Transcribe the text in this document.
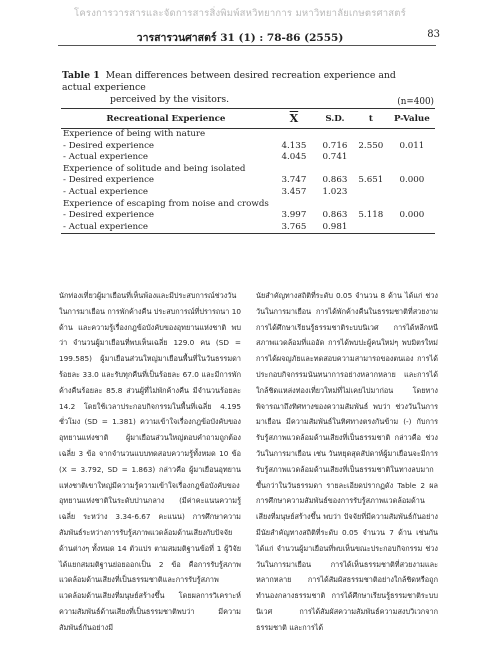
โครงการวารสารและจัดการสารสิ่งพิมพ์สหวิทยาการ มหาวิทยาลัยเกษตรศาสตร์
วารสารวนศาสตร์ 31 (1) : 78-86 (2555)	83
Table 1 Mean differences between desired recreation experience and actual experience
perceived by the visitors.	(n=400)
Recreational Experience	$\overline{X}$	S.D.	t	P-Value
Experience of being with nature				
- Desired experience	4.135	0.716	2.550	0.011
- Actual experience	4.045	0.741		
Experience of solitude and being isolated				
- Desired experience	3.747	0.863	5.651	0.000
- Actual experience	3.457	1.023		
Experience of escaping from noise and crowds				
- Desired experience	3.997	0.863	5.118	0.000
- Actual experience	3.765	0.981		

นักท่องเที่ยวผู้มาเยือนที่เห็นพ้องและมีประสบการณ์ช่วงวันในการมาเยือน การพักค้างคืน ประสบการณ์ที่ปรารถนา 10 ด้าน และความรู้เรื่องกฎข้อบังคับของอุทยานแห่งชาติ พบว่า จำนวนผู้มาเยือนที่พบเห็นเฉลี่ย 129.0 คน (SD = 199.585) ผู้มาเยือนส่วนใหญ่มาเยือนพื้นที่ในวันธรรมดาร้อยละ 33.0 และรับทุกคืนที่เป็นร้อยละ 67.0 และมีการพักค้างคืนร้อยละ 85.8 ส่วนผู้ที่ไม่พักค้างคืน มีจำนวนร้อยละ 14.2 โดยใช้เวลาประกอบกิจกรรมในพื้นที่เฉลี่ย 4.195 ชั่วโมง (SD = 1.381) ความเข้าใจเรื่องกฎข้อบังคับของอุทยานแห่งชาติ ผู้มาเยือนส่วนใหญ่ตอบคำถามถูกต้องเฉลี่ย 3 ข้อ จากจำนวนแบบทดสอบความรู้ทั้งหมด 10 ข้อ (X = 3.792, SD = 1.863) กล่าวคือ ผู้มาเยือนอุทยานแห่งชาติเขาใหญ่มีความรู้ความเข้าใจเรื่องกฎข้อบังคับของอุทยานแห่งชาติในระดับปานกลาง (มีค่าคะแนนความรู้เฉลี่ย ระหว่าง 3.34-6.67 คะแนน) การศึกษาความสัมพันธ์ระหว่างการรับรู้สภาพแวดล้อมด้านเสียงกับปัจจัยด้านต่างๆ ทั้งหมด 14 ตัวแปร ตามสมมติฐานข้อที่ 1 ผู้วิจัยได้แยกสมมติฐานย่อยออกเป็น 2 ข้อ คือการรับรู้สภาพแวดล้อมด้านเสียงที่เป็นธรรมชาติและการรับรู้สภาพแวดล้อมด้านเสียงที่มนุษย์สร้างขึ้น โดยผลการวิเคราะห์ความสัมพันธ์ด้านเสียงที่เป็นธรรมชาติพบว่า มีความสัมพันธ์กันอย่างมี

นัยสำคัญทางสถิติที่ระดับ 0.05 จำนวน 8 ด้าน ได้แก่ ช่วงวันในการมาเยือน การได้พักค้างคืนในธรรมชาติที่สวยงาม การได้ศึกษาเรียนรู้ธรรมชาติระบบนิเวศ การได้หลีกหนีสภาพแวดล้อมที่แออัด การได้พบปะผู้คนใหม่ๆ พบมิตรใหม่ การได้ผจญภัยและทดสอบความสามารถของตนเอง การได้ประกอบกิจกรรมนันทนาการอย่างหลากหลาย และการได้ใกล้ชิดแหล่งท่องเที่ยวใหม่ที่ไม่เคยไปมาก่อน โดยทางพิจารณาถึงทิศทางของความสัมพันธ์ พบว่า ช่วงวันในการมาเยือน มีความสัมพันธ์ในทิศทางตรงกันข้าม (-) กับการรับรู้สภาพแวดล้อมด้านเสียงที่เป็นธรรมชาติ กล่าวคือ ช่วงวันในการมาเยือน เช่น วันหยุดสุดสัปดาห์ผู้มาเยือนจะมีการรับรู้สภาพแวดล้อมด้านเสียงที่เป็นธรรมชาติในทางลบมากขึ้นกว่าในวันธรรมดา รายละเอียดปรากฏดัง Table 2 ผลการศึกษาความสัมพันธ์ของการรับรู้สภาพแวดล้อมด้านเสียงที่มนุษย์สร้างขึ้น พบว่า ปัจจัยที่มีความสัมพันธ์กันอย่างมีนัยสำคัญทางสถิติที่ระดับ 0.05 จำนวน 7 ด้าน เช่นกัน ได้แก่ จำนวนผู้มาเยือนที่พบเห็นขณะประกอบกิจกรรม ช่วงวันในการมาเยือน การได้เห็นธรรมชาติที่สวยงามและหลากหลาย การได้สัมผัสธรรมชาติอย่างใกล้ชิดหรือถูกทำนองกลางธรรมชาติ การได้ศึกษาเรียนรู้ธรรมชาติระบบนิเวศ การได้สัมผัสความสัมพันธ์ความสงบวิเวกจากธรรมชาติ และการได้
